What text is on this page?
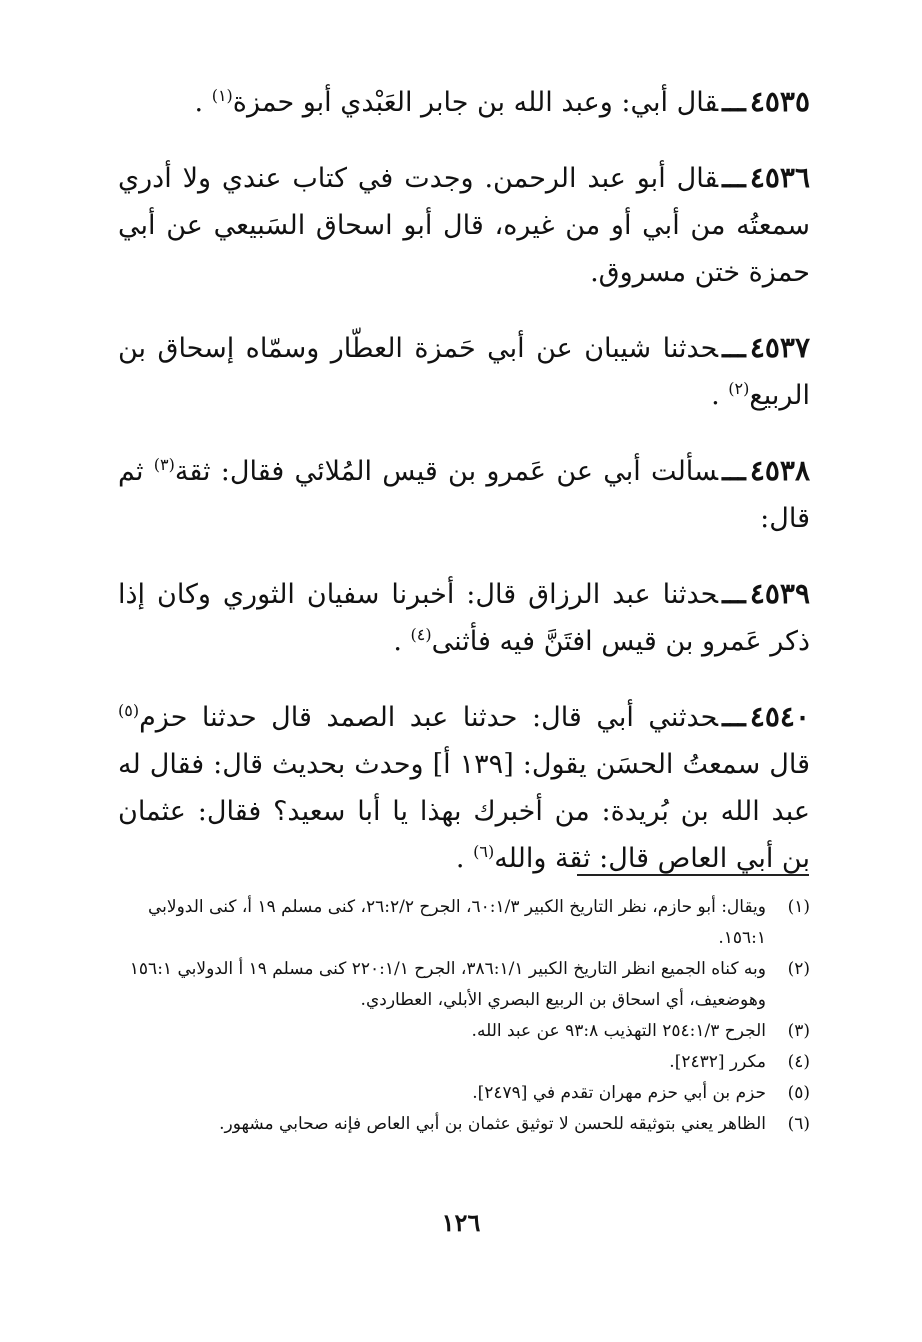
٤٥٣٥ـــقال أبي: وعبد الله بن جابر العَبْدي أبو حمزة$^{(١)}$ .

٤٥٣٦ـــقال أبو عبد الرحمن. وجدت في كتاب عندي ولا أدري سمعتُه من أبي أو من غيره، قال أبو اسحاق السَبيعي عن أبي حمزة ختن مسروق.

٤٥٣٧ـــحدثنا شيبان عن أبي حَمزة العطّار وسمّاه إسحاق بن الربيع$^{(٢)}$ .

٤٥٣٨ـــسألت أبي عن عَمرو بن قيس المُلائي فقال: ثقة$^{(٣)}$ ثم قال:

٤٥٣٩ـــحدثنا عبد الرزاق قال: أخبرنا سفيان الثوري وكان إذا ذكر عَمرو بن قيس افتَنَّ فيه فأثنى$^{(٤)}$ .

٤٥٤٠ـــحدثني أبي قال: حدثنا عبد الصمد قال حدثنا حزم$^{(٥)}$ قال سمعتُ الحسَن يقول: [١٣٩ أ] وحدث بحديث قال: فقال له عبد الله بن بُريدة: من أخبرك بهذا يا أبا سعيد؟ فقال: عثمان بن أبي العاص قال: ثقة والله$^{(٦)}$ .

(١)
ويقال: أبو حازم، نظر التاريخ الكبير ٦٠:١/٣، الجرح ٢٦:٢/٢، كنى مسلم ١٩ أ، كنى الدولابي ١٥٦:١.
(٢)
وبه كناه الجميع انظر التاريخ الكبير ٣٨٦:١/١، الجرح ٢٢٠:١/١ كنى مسلم ١٩ أ الدولابي ١٥٦:١ وهوضعيف، أي اسحاق بن الربيع البصري الأبلي، العطاردي.
(٣)
الجرح ٢٥٤:١/٣ التهذيب ٩٣:٨ عن عبد الله.
(٤)
مكرر [٢٤٣٢].
(٥)
حزم بن أبي حزم مهران تقدم في [٢٤٧٩].
(٦)
الظاهر يعني بتوثيقه للحسن لا توثيق عثمان بن أبي العاص فإنه صحابي مشهور.
١٢٦
